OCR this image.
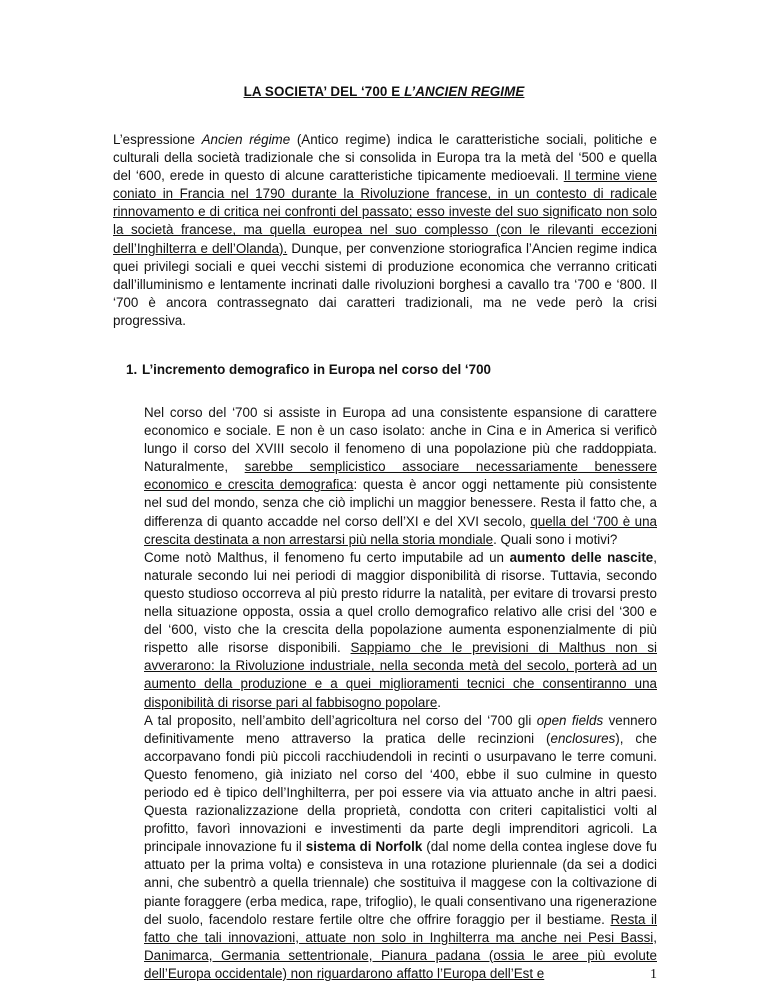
LA SOCIETA’ DEL ‘700 E L’ANCIEN REGIME

L’espressione Ancien régime (Antico regime) indica le caratteristiche sociali, politiche e culturali della società tradizionale che si consolida in Europa tra la metà del ‘500 e quella del ‘600, erede in questo di alcune caratteristiche tipicamente medioevali. Il termine viene coniato in Francia nel 1790 durante la Rivoluzione francese, in un contesto di radicale rinnovamento e di critica nei confronti del passato; esso investe del suo significato non solo la società francese, ma quella europea nel suo complesso (con le rilevanti eccezioni dell’Inghilterra e dell’Olanda). Dunque, per convenzione storiografica l’Ancien regime indica quei privilegi sociali e quei vecchi sistemi di produzione economica che verranno criticati dall’illuminismo e lentamente incrinati dalle rivoluzioni borghesi a cavallo tra ‘700 e ‘800. Il ‘700 è ancora contrassegnato dai caratteri tradizionali, ma ne vede però la crisi progressiva.

1. L’incremento demografico in Europa nel corso del ‘700

Nel corso del ‘700 si assiste in Europa ad una consistente espansione di carattere economico e sociale. E non è un caso isolato: anche in Cina e in America si verificò lungo il corso del XVIII secolo il fenomeno di una popolazione più che raddoppiata. Naturalmente, sarebbe semplicistico associare necessariamente benessere economico e crescita demografica: questa è ancor oggi nettamente più consistente nel sud del mondo, senza che ciò implichi un maggior benessere. Resta il fatto che, a differenza di quanto accadde nel corso dell’XI e del XVI secolo, quella del ‘700 è una crescita destinata a non arrestarsi più nella storia mondiale. Quali sono i motivi?
Come notò Malthus, il fenomeno fu certo imputabile ad un aumento delle nascite, naturale secondo lui nei periodi di maggior disponibilità di risorse. Tuttavia, secondo questo studioso occorreva al più presto ridurre la natalità, per evitare di trovarsi presto nella situazione opposta, ossia a quel crollo demografico relativo alle crisi del ‘300 e del ‘600, visto che la crescita della popolazione aumenta esponenzialmente di più rispetto alle risorse disponibili. Sappiamo che le previsioni di Malthus non si avverarono: la Rivoluzione industriale, nella seconda metà del secolo, porterà ad un aumento della produzione e a quei miglioramenti tecnici che consentiranno una disponibilità di risorse pari al fabbisogno popolare.
A tal proposito, nell’ambito dell’agricoltura nel corso del ‘700 gli open fields vennero definitivamente meno attraverso la pratica delle recinzioni (enclosures), che accorpavano fondi più piccoli racchiudendoli in recinti o usurpavano le terre comuni. Questo fenomeno, già iniziato nel corso del ‘400, ebbe il suo culmine in questo periodo ed è tipico dell’Inghilterra, per poi essere via via attuato anche in altri paesi. Questa razionalizzazione della proprietà, condotta con criteri capitalistici volti al profitto, favorì innovazioni e investimenti da parte degli imprenditori agricoli. La principale innovazione fu il sistema di Norfolk (dal nome della contea inglese dove fu attuato per la prima volta) e consisteva in una rotazione pluriennale (da sei a dodici anni, che subentrò a quella triennale) che sostituiva il maggese con la coltivazione di piante foraggere (erba medica, rape, trifoglio), le quali consentivano una rigenerazione del suolo, facendolo restare fertile oltre che offrire foraggio per il bestiame. Resta il fatto che tali innovazioni, attuate non solo in Inghilterra ma anche nei Pesi Bassi, Danimarca, Germania settentrionale, Pianura padana (ossia le aree più evolute dell’Europa occidentale) non riguardarono affatto l’Europa dell’Est e	1
